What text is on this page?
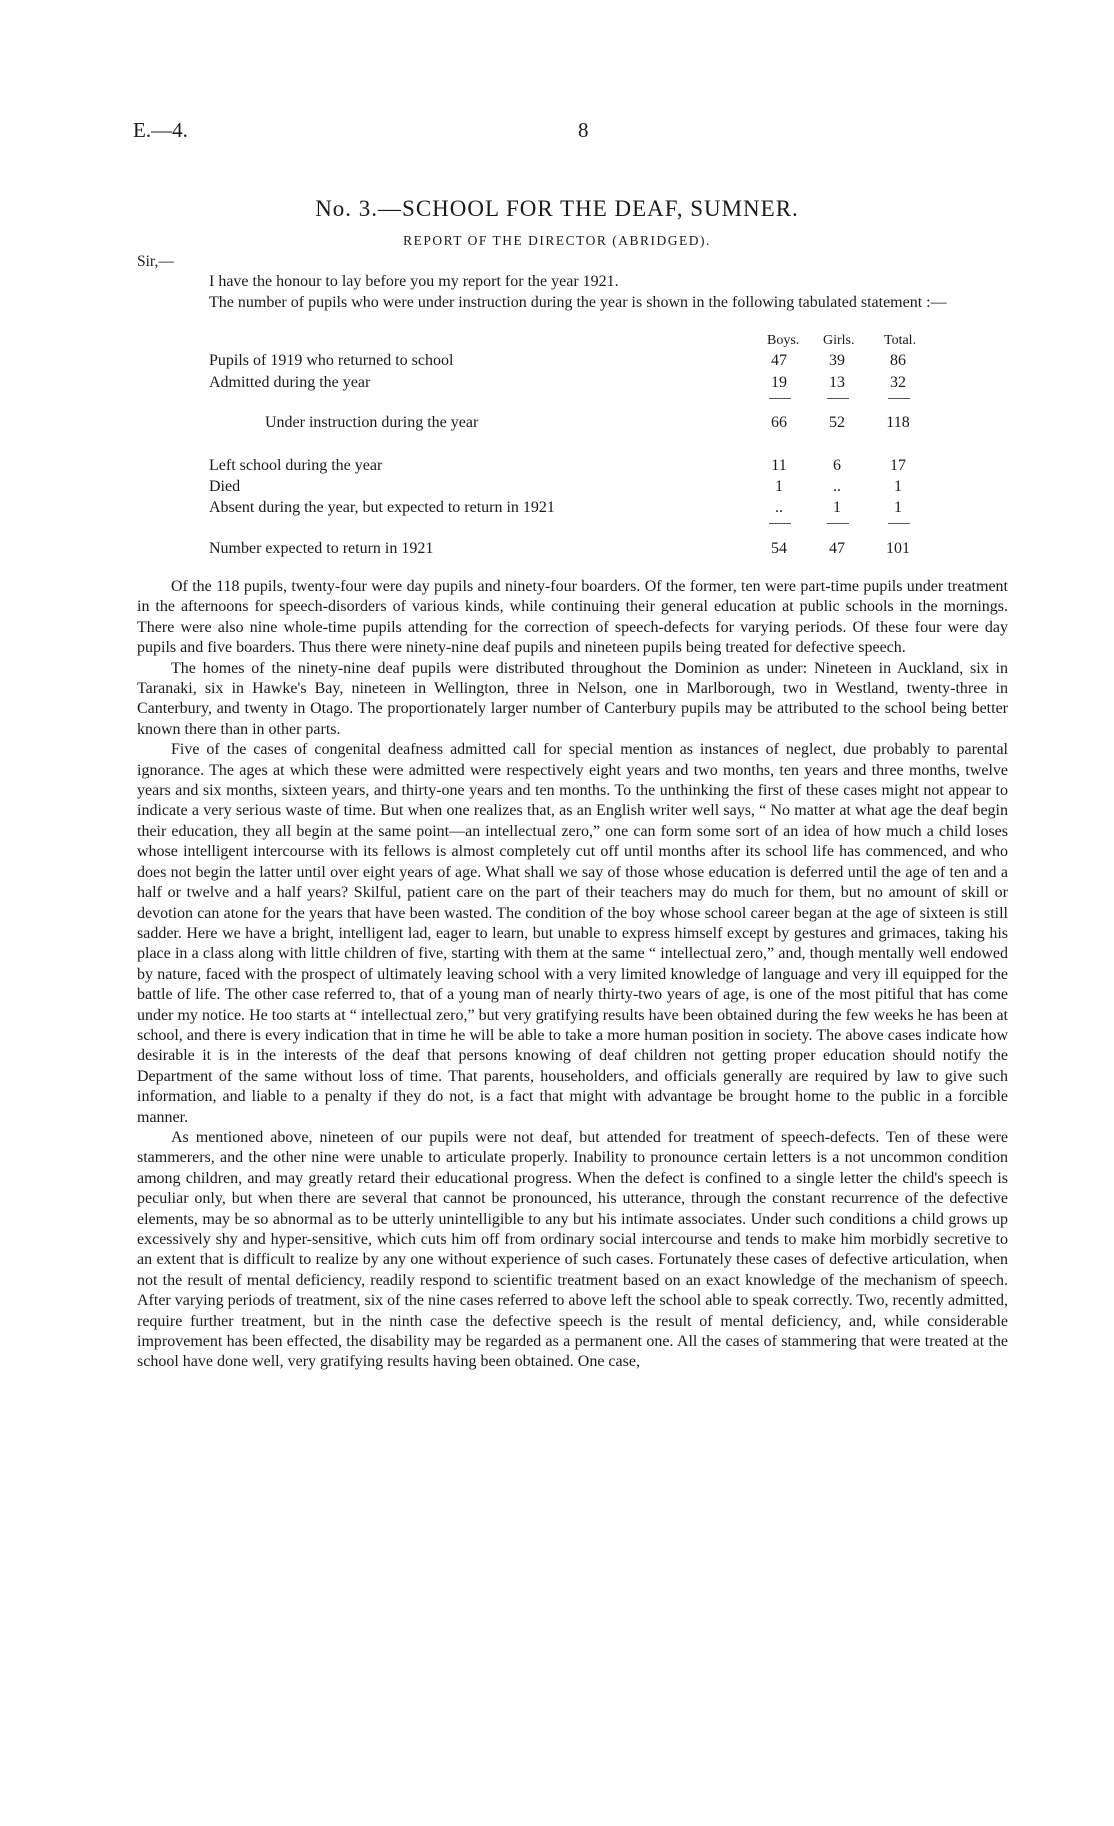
E.—4.	8
No. 3.—SCHOOL FOR THE DEAF, SUMNER.
REPORT OF THE DIRECTOR (ABRIDGED).
Sir,—

I have the honour to lay before you my report for the year 1921.

The number of pupils who were under instruction during the year is shown in the following tabulated statement :—

Boys. Girls. Total.
Pupils of 1919 who returned to school	47	39	86
Admitted during the year	19	13	32
Under instruction during the year	66	52	118
Left school during the year	11	6	17
Died	1	..	1
Absent during the year, but expected to return in 1921	..	1	1
Number expected to return in 1921	54	47	101

Of the 118 pupils, twenty-four were day pupils and ninety-four boarders. Of the former, ten were part-time pupils under treatment in the afternoons for speech-disorders of various kinds, while continuing their general education at public schools in the mornings. There were also nine whole-time pupils attending for the correction of speech-defects for varying periods. Of these four were day pupils and five boarders. Thus there were ninety-nine deaf pupils and nineteen pupils being treated for defective speech.

The homes of the ninety-nine deaf pupils were distributed throughout the Dominion as under: Nineteen in Auckland, six in Taranaki, six in Hawke's Bay, nineteen in Wellington, three in Nelson, one in Marlborough, two in Westland, twenty-three in Canterbury, and twenty in Otago. The proportionately larger number of Canterbury pupils may be attributed to the school being better known there than in other parts.

Five of the cases of congenital deafness admitted call for special mention as instances of neglect, due probably to parental ignorance. The ages at which these were admitted were respectively eight years and two months, ten years and three months, twelve years and six months, sixteen years, and thirty-one years and ten months. To the unthinking the first of these cases might not appear to indicate a very serious waste of time. But when one realizes that, as an English writer well says, “ No matter at what age the deaf begin their education, they all begin at the same point—an intellectual zero,” one can form some sort of an idea of how much a child loses whose intelligent intercourse with its fellows is almost completely cut off until months after its school life has commenced, and who does not begin the latter until over eight years of age. What shall we say of those whose education is deferred until the age of ten and a half or twelve and a half years? Skilful, patient care on the part of their teachers may do much for them, but no amount of skill or devotion can atone for the years that have been wasted. The condition of the boy whose school career began at the age of sixteen is still sadder. Here we have a bright, intelligent lad, eager to learn, but unable to express himself except by gestures and grimaces, taking his place in a class along with little children of five, starting with them at the same “ intellectual zero,” and, though mentally well endowed by nature, faced with the prospect of ultimately leaving school with a very limited knowledge of language and very ill equipped for the battle of life. The other case referred to, that of a young man of nearly thirty-two years of age, is one of the most pitiful that has come under my notice. He too starts at “ intellectual zero,” but very gratifying results have been obtained during the few weeks he has been at school, and there is every indication that in time he will be able to take a more human position in society. The above cases indicate how desirable it is in the interests of the deaf that persons knowing of deaf children not getting proper education should notify the Department of the same without loss of time. That parents, householders, and officials generally are required by law to give such information, and liable to a penalty if they do not, is a fact that might with advantage be brought home to the public in a forcible manner.

As mentioned above, nineteen of our pupils were not deaf, but attended for treatment of speech-defects. Ten of these were stammerers, and the other nine were unable to articulate properly. Inability to pronounce certain letters is a not uncommon condition among children, and may greatly retard their educational progress. When the defect is confined to a single letter the child's speech is peculiar only, but when there are several that cannot be pronounced, his utterance, through the constant recurrence of the defective elements, may be so abnormal as to be utterly unintelligible to any but his intimate associates. Under such conditions a child grows up excessively shy and hyper-sensitive, which cuts him off from ordinary social intercourse and tends to make him morbidly secretive to an extent that is difficult to realize by any one without experience of such cases. Fortunately these cases of defective articulation, when not the result of mental deficiency, readily respond to scientific treatment based on an exact knowledge of the mechanism of speech. After varying periods of treatment, six of the nine cases referred to above left the school able to speak correctly. Two, recently admitted, require further treatment, but in the ninth case the defective speech is the result of mental deficiency, and, while considerable improvement has been effected, the disability may be regarded as a permanent one. All the cases of stammering that were treated at the school have done well, very gratifying results having been obtained. One case,
